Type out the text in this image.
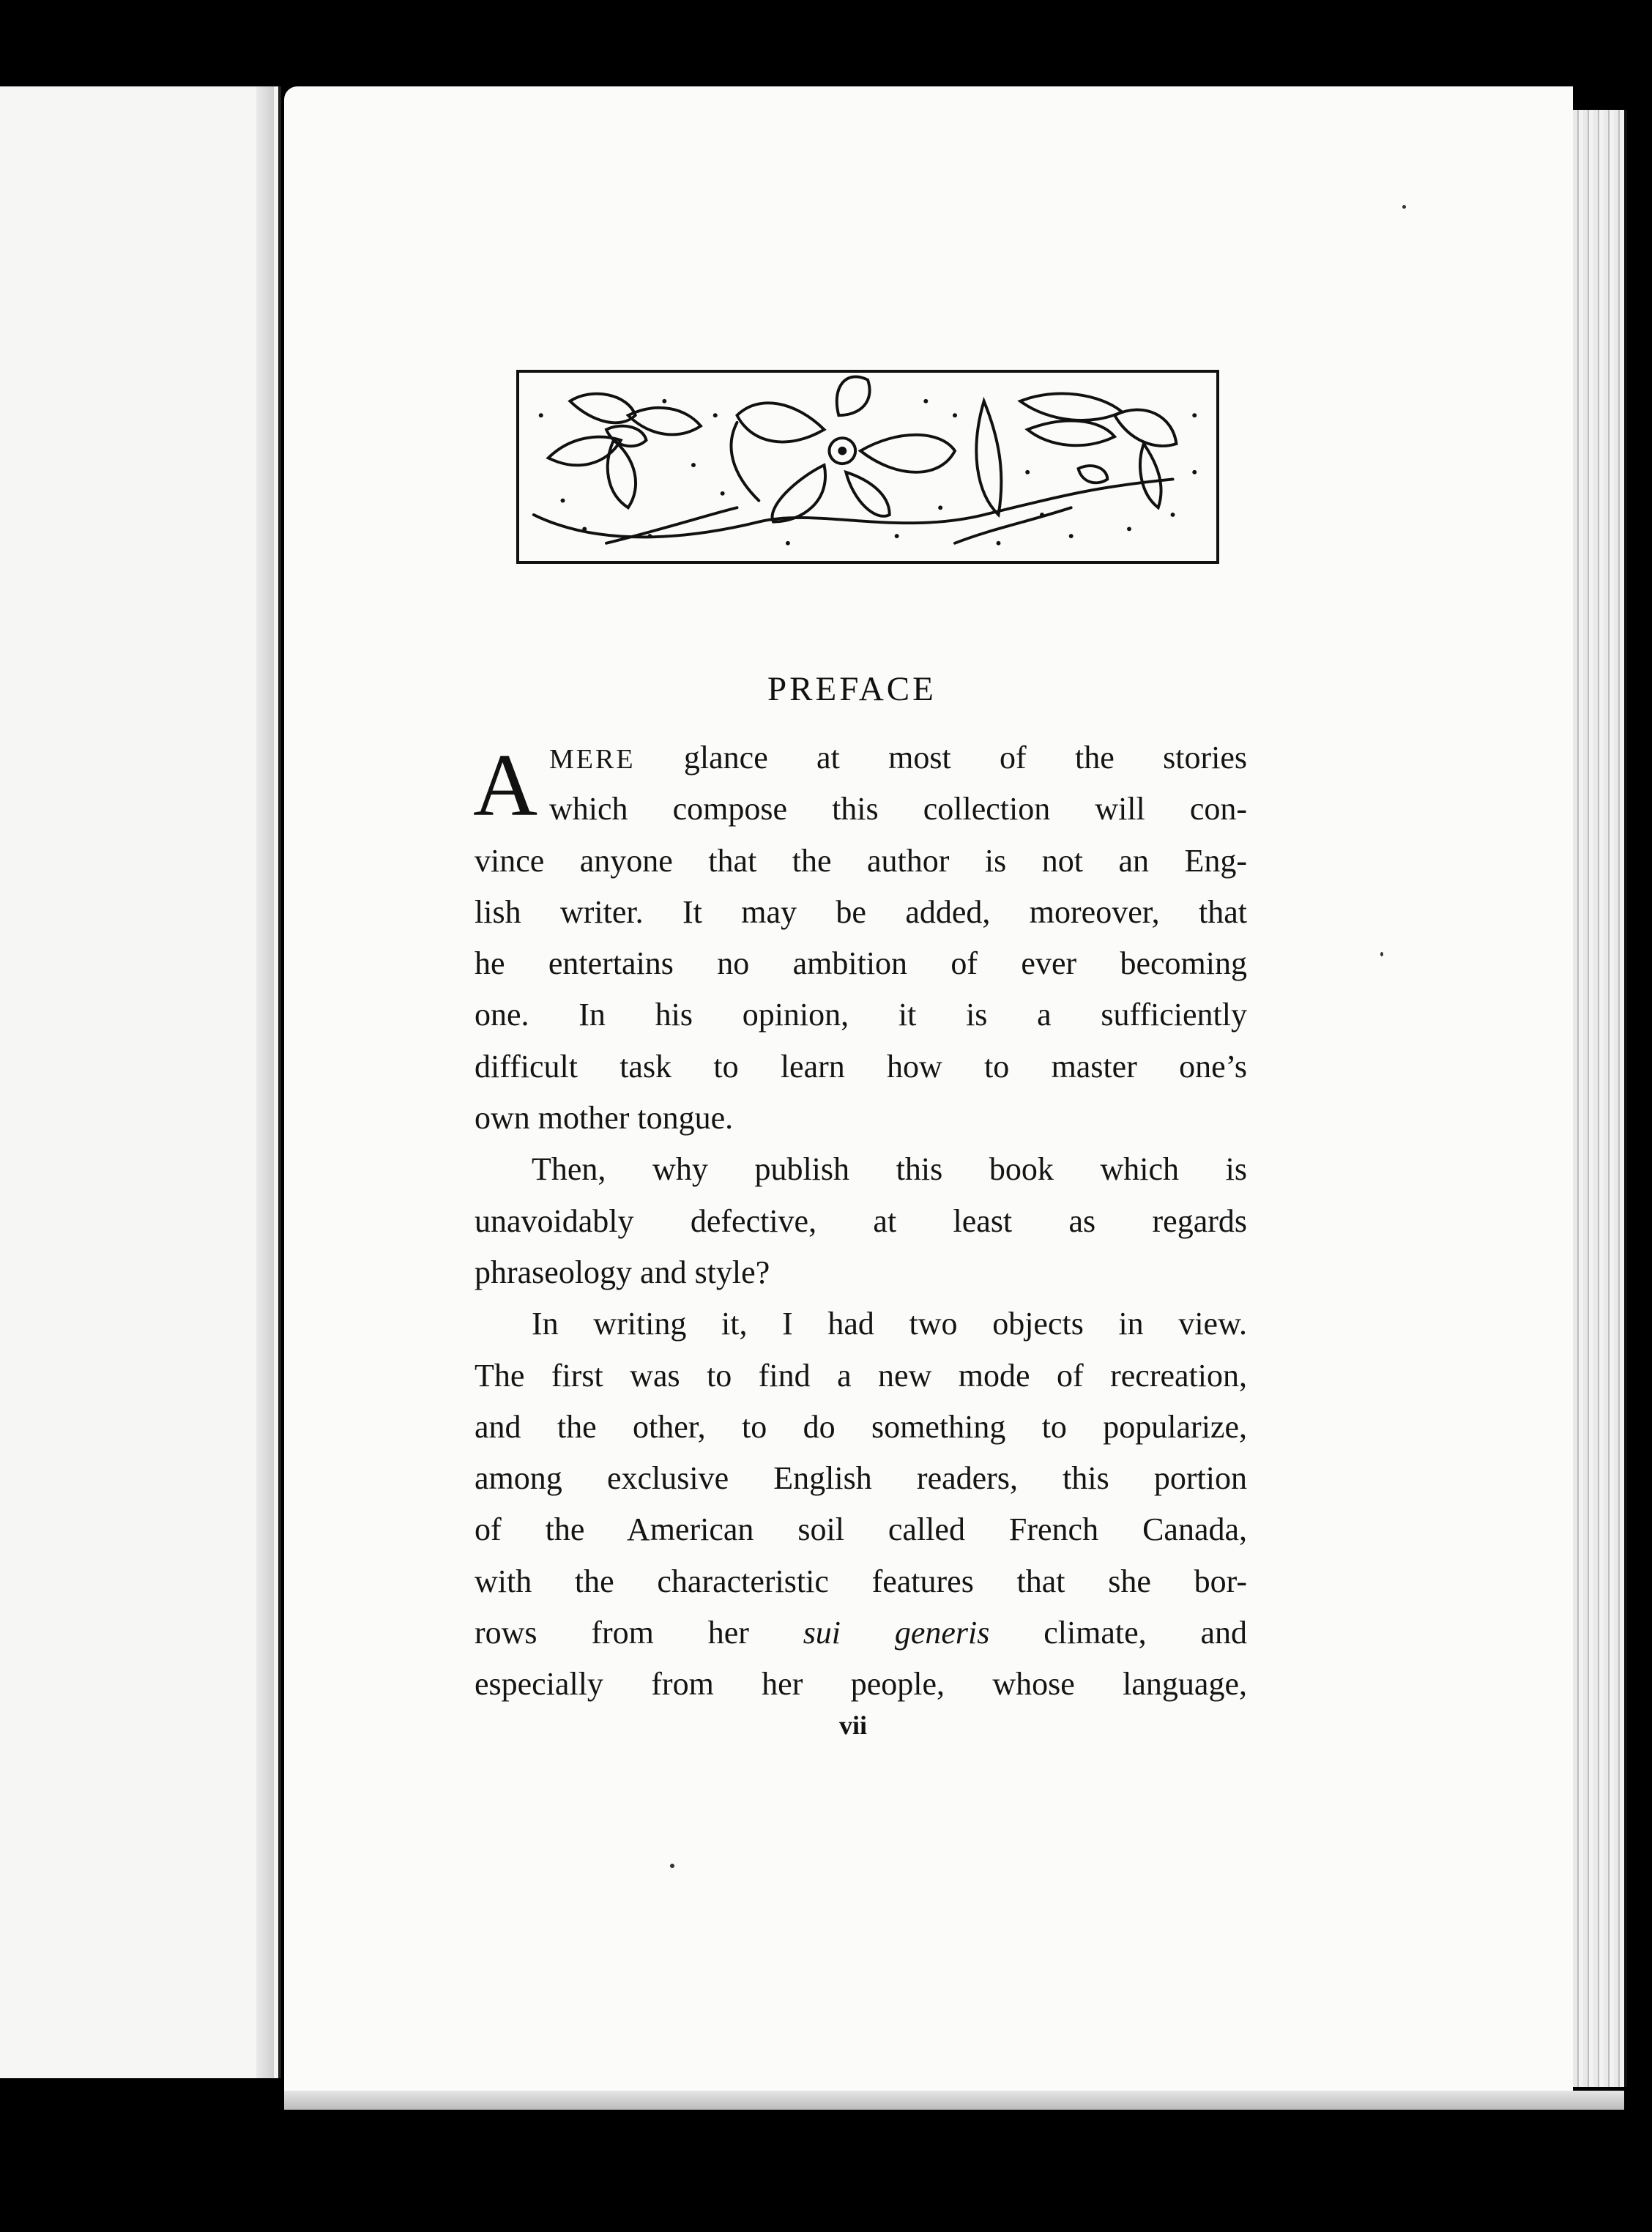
PREFACE
A MERE glance at most of the stories
which compose this collection will con-
vince anyone that the author is not an Eng-
lish writer. It may be added, moreover, that
he entertains no ambition of ever becoming
one. In his opinion, it is a sufficiently
difficult task to learn how to master one’s
own mother tongue.
Then, why publish this book which is
unavoidably defective, at least as regards
phraseology and style?
In writing it, I had two objects in view.
The first was to find a new mode of recreation,
and the other, to do something to popularize,
among exclusive English readers, this portion
of the American soil called French Canada,
with the characteristic features that she bor-
rows from her sui generis climate, and
especially from her people, whose language,
vii
